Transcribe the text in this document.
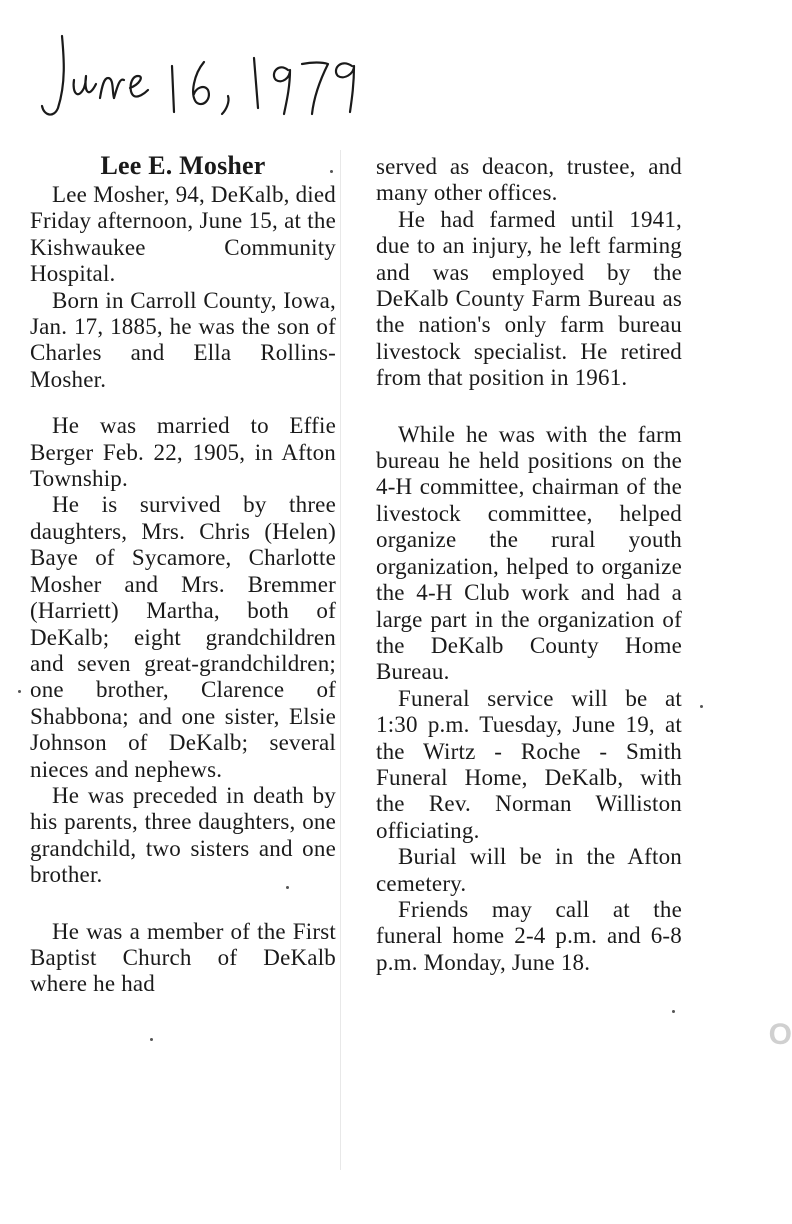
Lee E. Mosher

Lee Mosher, 94, DeKalb, died Friday afternoon, June 15, at the Kishwaukee Community Hospital.

Born in Carroll County, Iowa, Jan. 17, 1885, he was the son of Charles and Ella Rollins-Mosher.

He was married to Effie Berger Feb. 22, 1905, in Afton Township.

He is survived by three daughters, Mrs. Chris (Helen) Baye of Sycamore, Charlotte Mosher and Mrs. Bremmer (Harriett) Martha, both of DeKalb; eight grandchildren and seven great-grandchildren; one brother, Clarence of Shabbona; and one sister, Elsie Johnson of DeKalb; several nieces and nephews.

He was preceded in death by his parents, three daughters, one grandchild, two sisters and one brother.

He was a member of the First Baptist Church of DeKalb where he had

served as deacon, trustee, and many other offices.

He had farmed until 1941, due to an injury, he left farming and was employed by the DeKalb County Farm Bureau as the nation's only farm bureau livestock specialist. He retired from that position in 1961.

While he was with the farm bureau he held positions on the 4-H committee, chairman of the livestock committee, helped organize the rural youth organization, helped to organize the 4-H Club work and had a large part in the organization of the DeKalb County Home Bureau.

Funeral service will be at 1:30 p.m. Tuesday, June 19, at the Wirtz - Roche - Smith Funeral Home, DeKalb, with the Rev. Norman Williston officiating.

Burial will be in the Afton cemetery.

Friends may call at the funeral home 2-4 p.m. and 6-8 p.m. Monday, June 18.

O
